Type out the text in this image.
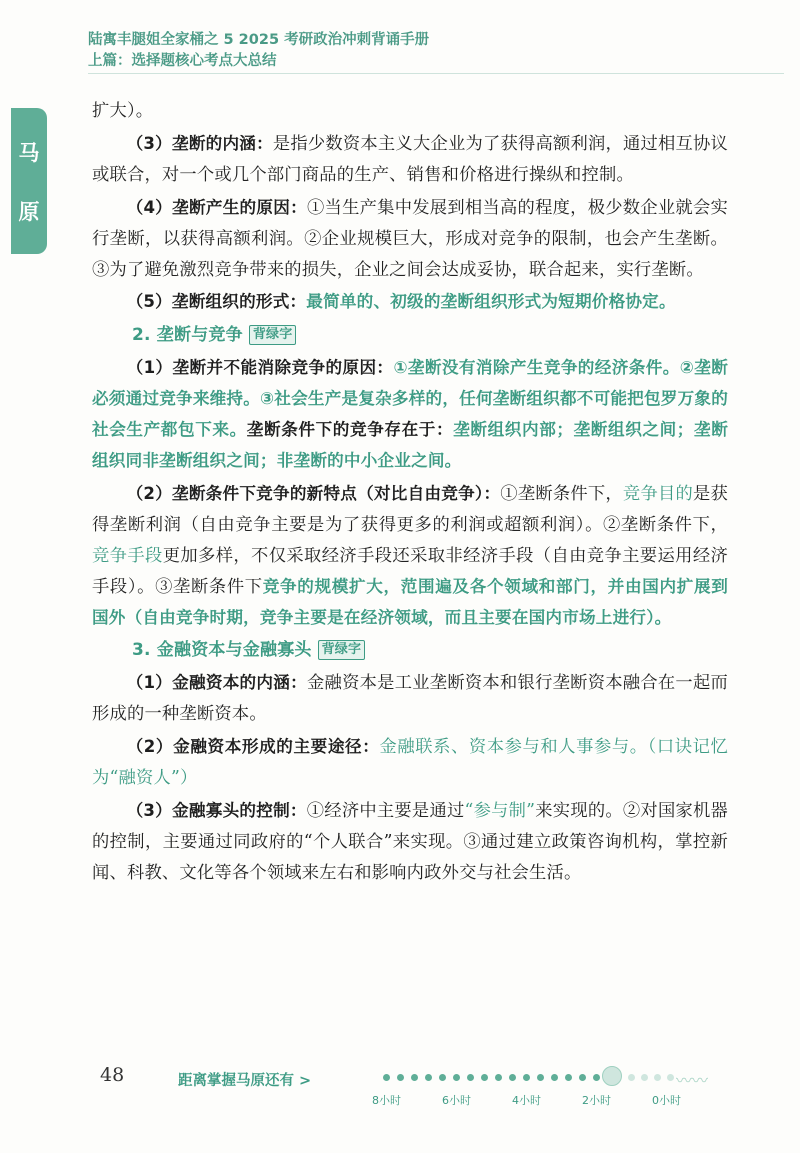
陆寓丰腿姐全家桶之 5 2025 考研政治冲刺背诵手册
上篇：选择题核心考点大总结
马
原

扩大）。

（3）垄断的内涵：是指少数资本主义大企业为了获得高额利润，通过相互协议或联合，对一个或几个部门商品的生产、销售和价格进行操纵和控制。

（4）垄断产生的原因：①当生产集中发展到相当高的程度，极少数企业就会实行垄断，以获得高额利润。②企业规模巨大，形成对竞争的限制，也会产生垄断。③为了避免激烈竞争带来的损失，企业之间会达成妥协，联合起来，实行垄断。

（5）垄断组织的形式：最简单的、初级的垄断组织形式为短期价格协定。

2. 垄断与竞争 背绿字

（1）垄断并不能消除竞争的原因：①垄断没有消除产生竞争的经济条件。②垄断必须通过竞争来维持。③社会生产是复杂多样的，任何垄断组织都不可能把包罗万象的社会生产都包下来。垄断条件下的竞争存在于：垄断组织内部；垄断组织之间；垄断组织同非垄断组织之间；非垄断的中小企业之间。

（2）垄断条件下竞争的新特点（对比自由竞争）：①垄断条件下，竞争目的是获得垄断利润（自由竞争主要是为了获得更多的利润或超额利润）。②垄断条件下，竞争手段更加多样，不仅采取经济手段还采取非经济手段（自由竞争主要运用经济手段）。③垄断条件下竞争的规模扩大，范围遍及各个领域和部门，并由国内扩展到国外（自由竞争时期，竞争主要是在经济领域，而且主要在国内市场上进行）。

3. 金融资本与金融寡头 背绿字

（1）金融资本的内涵：金融资本是工业垄断资本和银行垄断资本融合在一起而形成的一种垄断资本。

（2）金融资本形成的主要途径：金融联系、资本参与和人事参与。（口诀记忆为“融资人”）

（3）金融寡头的控制：①经济中主要是通过“参与制”来实现的。②对国家机器的控制，主要通过同政府的“个人联合”来实现。③通过建立政策咨询机构，掌控新闻、科教、文化等各个领域来左右和影响内政外交与社会生活。

48	距离掌握马原还有 >	〰〰
8小时	6小时	4小时	2小时	0小时
